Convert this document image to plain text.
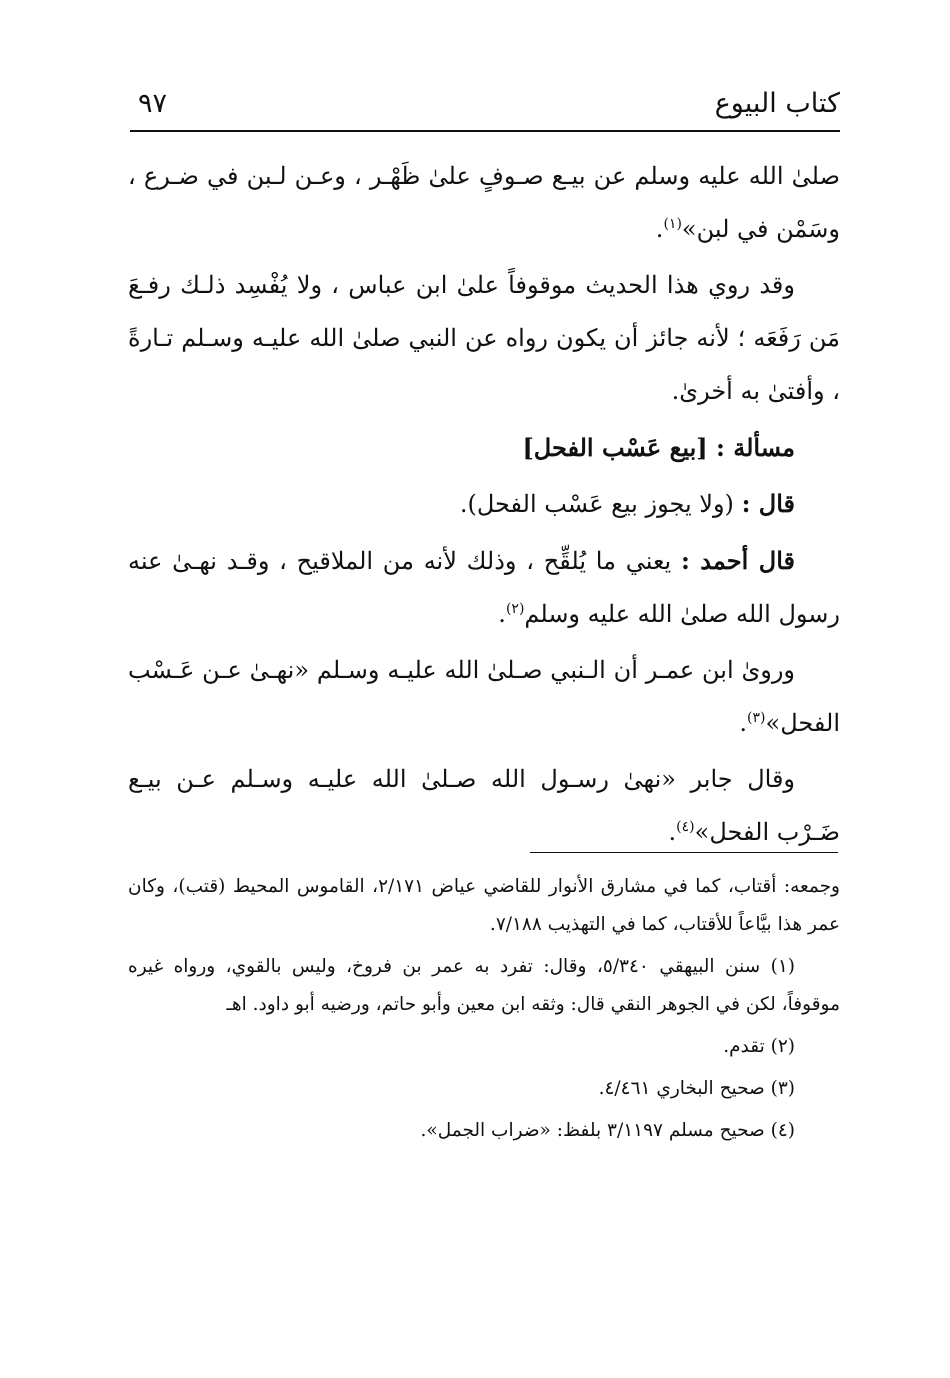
كتاب البيوع
٩٧

صلىٰ الله عليه وسلم عن بيـع صـوفٍ علىٰ ظَهْـر ، وعـن لـبن في ضـرع ، وسَمْن في لبن»$^{(١)}$.

وقد روي هذا الحديث موقوفاً علىٰ ابن عباس ، ولا يُفْسِد ذلـك رفـعَ مَن رَفَعَه ؛ لأنه جائز أن يكون رواه عن النبي صلىٰ الله عليـه وسـلم تـارةً ، وأفتىٰ به أخرىٰ.

مسألة : [بيع عَسْب الفحل]

قال : (ولا يجوز بيع عَسْب الفحل).

قال أحمد : يعني ما يُلقِّح ، وذلك لأنه من الملاقيح ، وقـد نهـىٰ عنه رسول الله صلىٰ الله عليه وسلم$^{(٢)}$.

وروىٰ ابن عمـر أن الـنبي صـلىٰ الله عليـه وسـلم «نهـىٰ عـن عَـسْب الفحل»$^{(٣)}$.

وقال جابر «نهىٰ رسـول الله صـلىٰ الله عليـه وسـلم عـن بيـع ضَـرْب الفحل»$^{(٤)}$.

وجمعه: أقتاب، كما في مشارق الأنوار للقاضي عياض ٢/١٧١، القاموس المحيط (قتب)، وكان عمر هذا بيَّاعاً للأقتاب، كما في التهذيب ٧/١٨٨.

(١) سنن البيهقي ٥/٣٤٠، وقال: تفرد به عمر بن فروخ، وليس بالقوي، ورواه غيره موقوفاً، لكن في الجوهر النقي قال: وثقه ابن معين وأبو حاتم، ورضيه أبو داود. اهـ

(٢) تقدم.

(٣) صحيح البخاري ٤/٤٦١.

(٤) صحيح مسلم ٣/١١٩٧ بلفظ: «ضراب الجمل».
